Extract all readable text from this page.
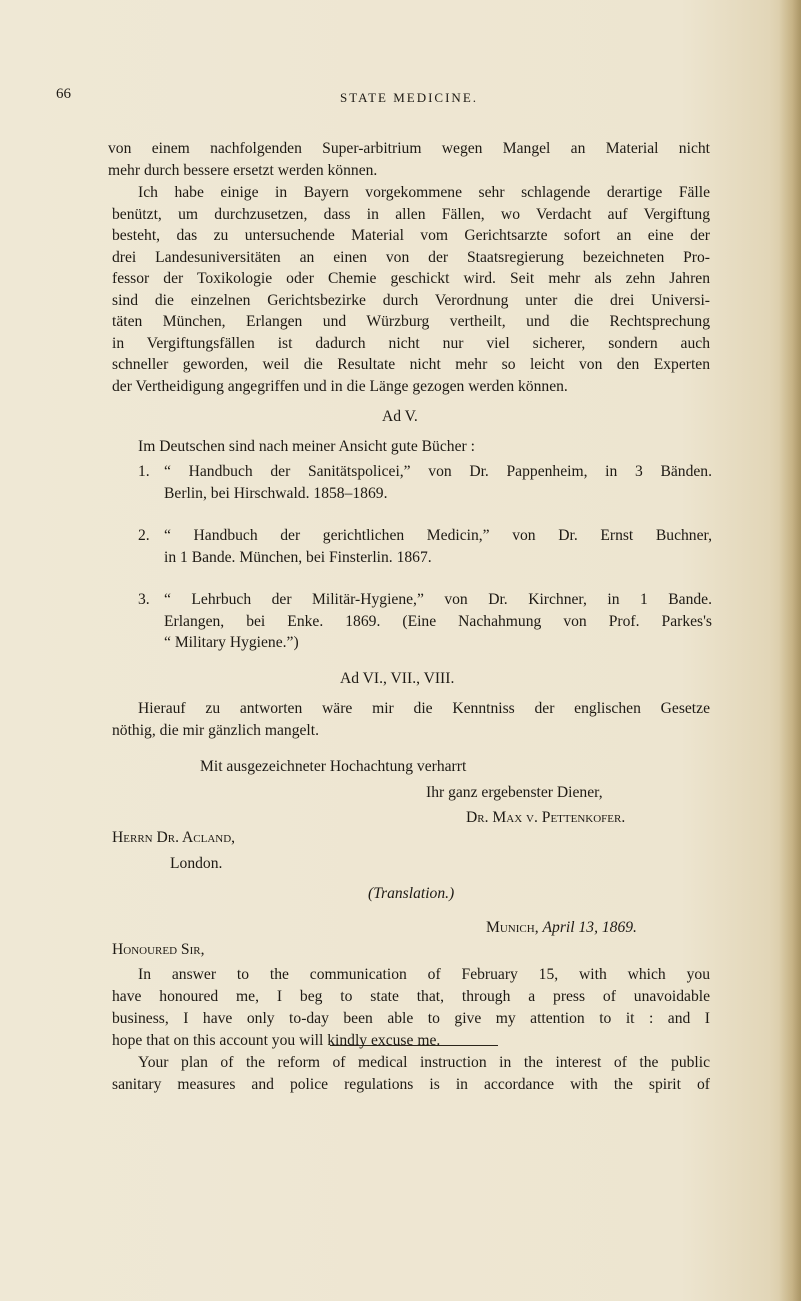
66	STATE MEDICINE.
von einem nachfolgenden Super-arbitrium wegen Mangel an Material nicht
mehr durch bessere ersetzt werden können.
Ich habe einige in Bayern vorgekommene sehr schlagende derartige Fälle
benützt, um durchzusetzen, dass in allen Fällen, wo Verdacht auf Vergiftung
besteht, das zu untersuchende Material vom Gerichtsarzte sofort an eine der
drei Landesuniversitäten an einen von der Staatsregierung bezeichneten Pro-
fessor der Toxikologie oder Chemie geschickt wird. Seit mehr als zehn Jahren
sind die einzelnen Gerichtsbezirke durch Verordnung unter die drei Universi-
täten München, Erlangen und Würzburg vertheilt, und die Rechtsprechung
in Vergiftungsfällen ist dadurch nicht nur viel sicherer, sondern auch
schneller geworden, weil die Resultate nicht mehr so leicht von den Experten
der Vertheidigung angegriffen und in die Länge gezogen werden können.
Ad V.
Im Deutschen sind nach meiner Ansicht gute Bücher :
1. “ Handbuch der Sanitätspolicei,” von Dr. Pappenheim, in 3 Bänden.
Berlin, bei Hirschwald. 1858–1869.
2. “ Handbuch der gerichtlichen Medicin,” von Dr. Ernst Buchner,
in 1 Bande. München, bei Finsterlin. 1867.
3. “ Lehrbuch der Militär-Hygiene,” von Dr. Kirchner, in 1 Bande.
Erlangen, bei Enke. 1869. (Eine Nachahmung von Prof. Parkes's
“ Military Hygiene.”)
Ad VI., VII., VIII.
Hierauf zu antworten wäre mir die Kenntniss der englischen Gesetze
nöthig, die mir gänzlich mangelt.
Mit ausgezeichneter Hochachtung verharrt
Ihr ganz ergebenster Diener,
Dr. Max v. Pettenkofer.
Herrn Dr. Acland,
London.
(Translation.)
Munich, April 13, 1869.
Honoured Sir,
In answer to the communication of February 15, with which you
have honoured me, I beg to state that, through a press of unavoidable
business, I have only to-day been able to give my attention to it : and I
hope that on this account you will kindly excuse me.
Your plan of the reform of medical instruction in the interest of the public
sanitary measures and police regulations is in accordance with the spirit of
